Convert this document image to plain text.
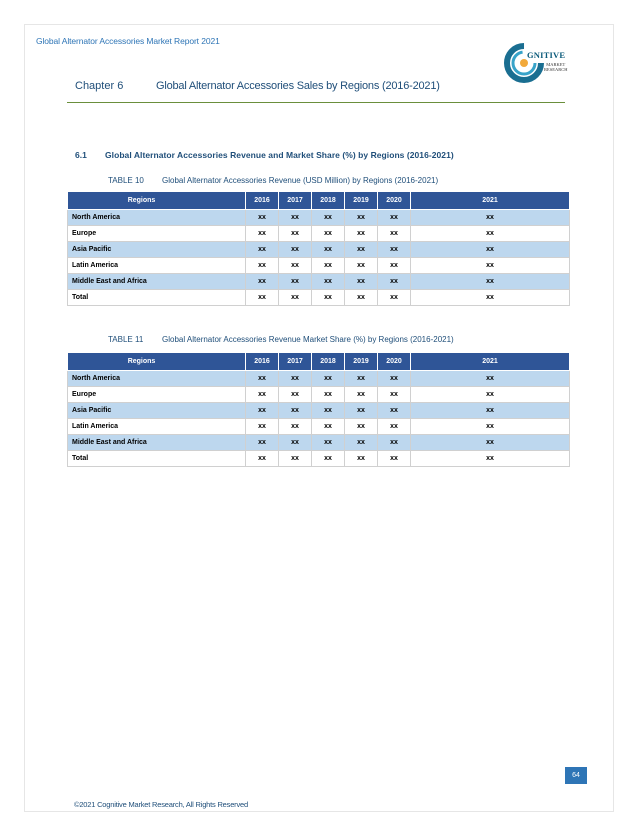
Global Alternator Accessories Market Report 2021
GNITIVE
MARKET
RESEARCH
Chapter 6	Global Alternator Accessories Sales by Regions (2016-2021)
6.1 Global Alternator Accessories Revenue and Market Share (%) by Regions (2016-2021)
TABLE 10 Global Alternator Accessories Revenue (USD Million) by Regions (2016-2021)
Regions	2016	2017	2018	2019	2020	2021
North America	xx	xx	xx	xx	xx	xx
Europe	xx	xx	xx	xx	xx	xx
Asia Pacific	xx	xx	xx	xx	xx	xx
Latin America	xx	xx	xx	xx	xx	xx
Middle East and Africa	xx	xx	xx	xx	xx	xx
Total	xx	xx	xx	xx	xx	xx
TABLE 11 Global Alternator Accessories Revenue Market Share (%) by Regions (2016-2021)
Regions	2016	2017	2018	2019	2020	2021
North America	xx	xx	xx	xx	xx	xx
Europe	xx	xx	xx	xx	xx	xx
Asia Pacific	xx	xx	xx	xx	xx	xx
Latin America	xx	xx	xx	xx	xx	xx
Middle East and Africa	xx	xx	xx	xx	xx	xx
Total	xx	xx	xx	xx	xx	xx
64
©2021 Cognitive Market Research, All Rights Reserved
